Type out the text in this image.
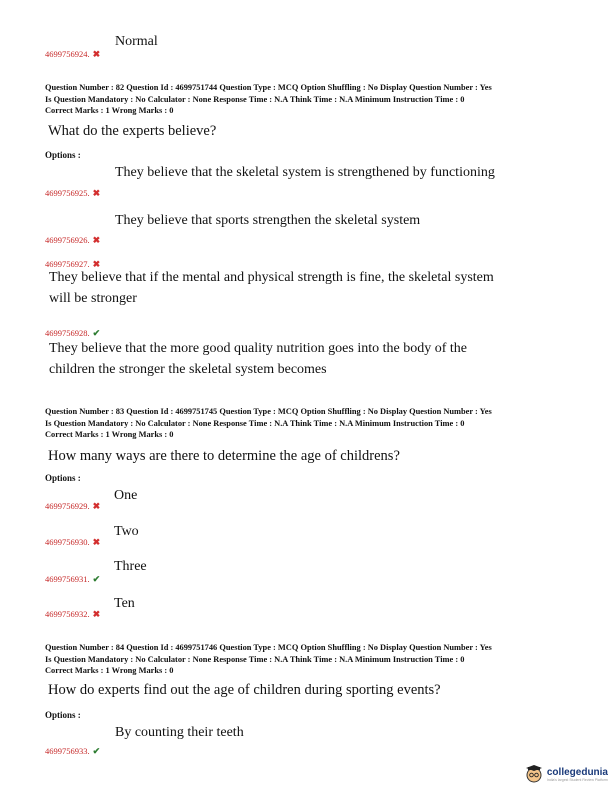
4699756924. ✖
Normal
Question Number : 82 Question Id : 4699751744 Question Type : MCQ Option Shuffling : No Display Question Number : Yes
Is Question Mandatory : No Calculator : None Response Time : N.A Think Time : N.A Minimum Instruction Time : 0
Correct Marks : 1 Wrong Marks : 0
What do the experts believe?
Options :
They believe that the skeletal system is strengthened by functioning
4699756925. ✖
They believe that sports strengthen the skeletal system
4699756926. ✖
4699756927. ✖
They believe that if the mental and physical strength is fine, the skeletal system
will be stronger
4699756928. ✔
They believe that the more good quality nutrition goes into the body of the
children the stronger the skeletal system becomes
Question Number : 83 Question Id : 4699751745 Question Type : MCQ Option Shuffling : No Display Question Number : Yes
Is Question Mandatory : No Calculator : None Response Time : N.A Think Time : N.A Minimum Instruction Time : 0
Correct Marks : 1 Wrong Marks : 0
How many ways are there to determine the age of childrens?
Options :
4699756929. ✖
One
4699756930. ✖
Two
4699756931. ✔
Three
4699756932. ✖
Ten
Question Number : 84 Question Id : 4699751746 Question Type : MCQ Option Shuffling : No Display Question Number : Yes
Is Question Mandatory : No Calculator : None Response Time : N.A Think Time : N.A Minimum Instruction Time : 0
Correct Marks : 1 Wrong Marks : 0
How do experts find out the age of children during sporting events?
Options :
By counting their teeth
4699756933. ✔
collegedunia
India's largest Student Review Platform
